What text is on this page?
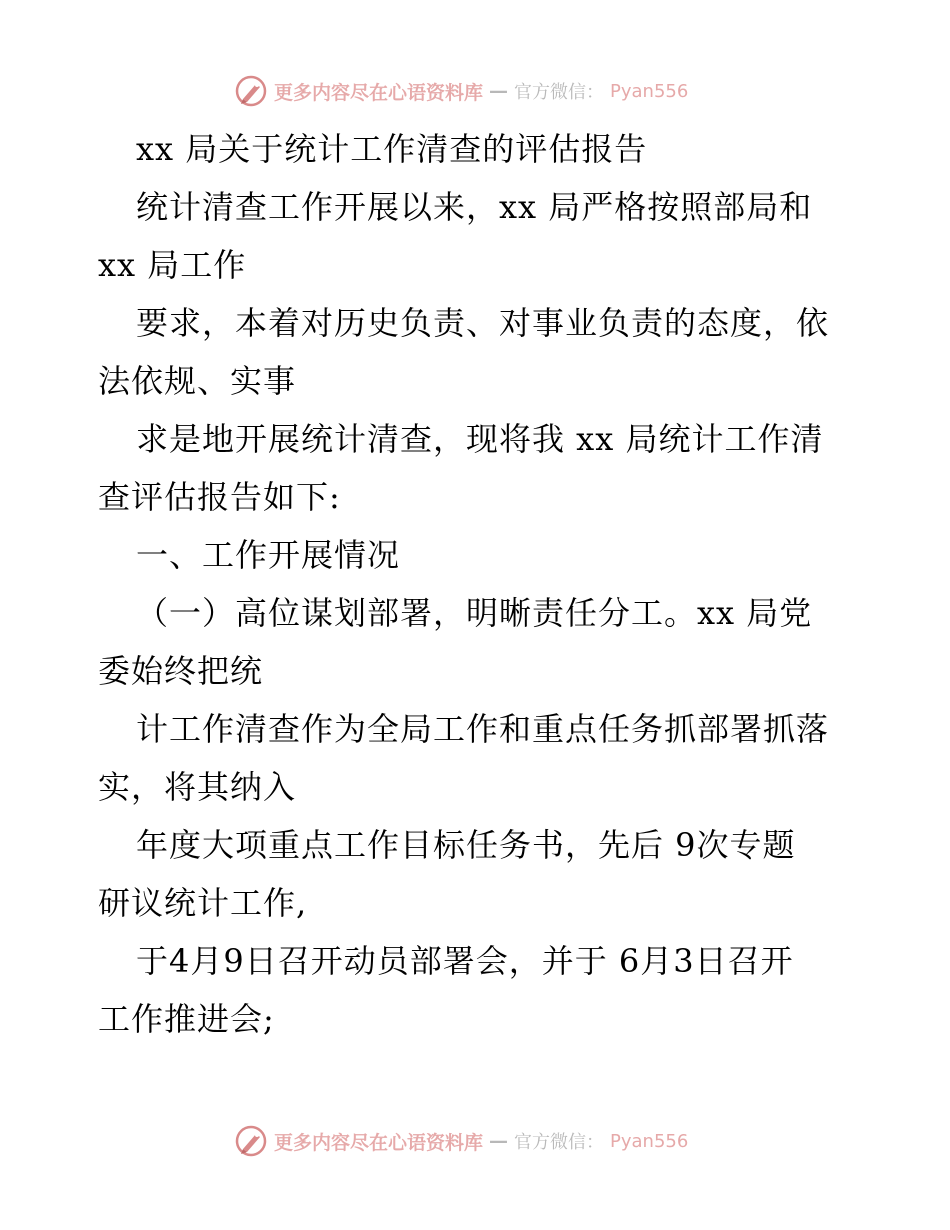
更多内容尽在心语资料库 — 官方微信： Pyan556
xx 局关于统计工作清查的评估报告
统计清查工作开展以来，xx 局严格按照部局和
xx 局工作
要求，本着对历史负责、对事业负责的态度，依
法依规、实事
求是地开展统计清查，现将我 xx 局统计工作清
查评估报告如下:
一、工作开展情况
（一）高位谋划部署，明晰责任分工。xx 局党
委始终把统
计工作清查作为全局工作和重点任务抓部署抓落
实，将其纳入
年度大项重点工作目标任务书，先后 9次专题
研议统计工作,
于4月9日召开动员部署会，并于 6月3日召开
工作推进会;
更多内容尽在心语资料库 — 官方微信： Pyan556
